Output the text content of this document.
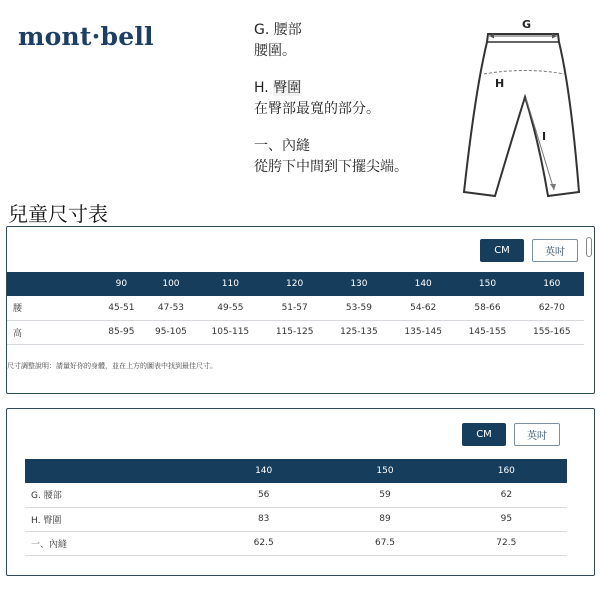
mont·bell	G. 腰部
腰圍。
H. 臀圍
在臀部最寬的部分。
一、內縫
從胯下中間到下擺尖端。
G
H
I
兒童尺寸表
CM	英吋
	90	100	110	120	130	140	150	160
腰	45-51	47-53	49-55	51-57	53-59	54-62	58-66	62-70
高	85-95	95-105	105-115	115-125	125-135	135-145	145-155	155-165
尺寸調整說明：請量好你的身體，並在上方的圖表中找到最佳尺寸。
CM	英吋
	140	150	160
G. 腰部	56	59	62
H. 臀圍	83	89	95
一、內縫	62.5	67.5	72.5
